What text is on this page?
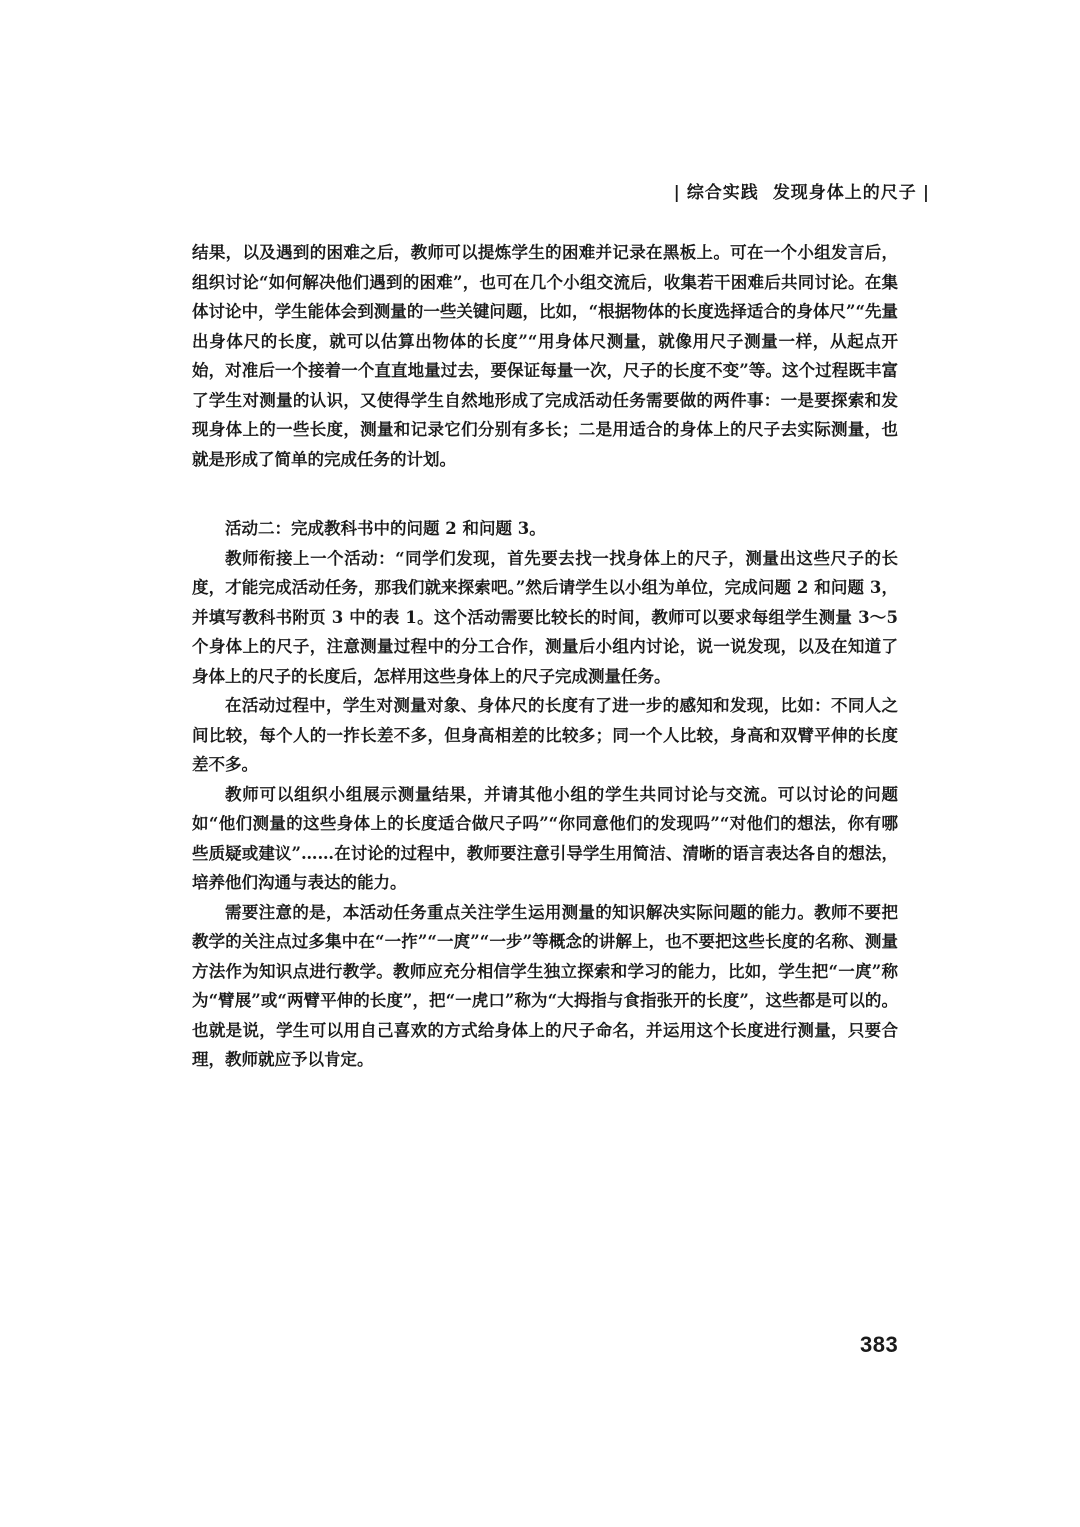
| 综合实践 发现身体上的尺子 |

结果，以及遇到的困难之后，教师可以提炼学生的困难并记录在黑板上。可在一个小组发言后，组织讨论“如何解决他们遇到的困难”，也可在几个小组交流后，收集若干困难后共同讨论。在集体讨论中，学生能体会到测量的一些关键问题，比如，“根据物体的长度选择适合的身体尺”“先量出身体尺的长度，就可以估算出物体的长度”“用身体尺测量，就像用尺子测量一样，从起点开始，对准后一个接着一个直直地量过去，要保证每量一次，尺子的长度不变”等。这个过程既丰富了学生对测量的认识，又使得学生自然地形成了完成活动任务需要做的两件事：一是要探索和发现身体上的一些长度，测量和记录它们分别有多长；二是用适合的身体上的尺子去实际测量，也就是形成了简单的完成任务的计划。

活动二：完成教科书中的问题 2 和问题 3。

教师衔接上一个活动：“同学们发现，首先要去找一找身体上的尺子，测量出这些尺子的长度，才能完成活动任务，那我们就来探索吧。”然后请学生以小组为单位，完成问题 2 和问题 3，并填写教科书附页 3 中的表 1。这个活动需要比较长的时间，教师可以要求每组学生测量 3～5 个身体上的尺子，注意测量过程中的分工合作，测量后小组内讨论，说一说发现，以及在知道了身体上的尺子的长度后，怎样用这些身体上的尺子完成测量任务。

在活动过程中，学生对测量对象、身体尺的长度有了进一步的感知和发现，比如：不同人之间比较，每个人的一拃长差不多，但身高相差的比较多；同一个人比较，身高和双臂平伸的长度差不多。

教师可以组织小组展示测量结果，并请其他小组的学生共同讨论与交流。可以讨论的问题如“他们测量的这些身体上的长度适合做尺子吗”“你同意他们的发现吗”“对他们的想法，你有哪些质疑或建议”……在讨论的过程中，教师要注意引导学生用简洁、清晰的语言表达各自的想法，培养他们沟通与表达的能力。

需要注意的是，本活动任务重点关注学生运用测量的知识解决实际问题的能力。教师不要把教学的关注点过多集中在“一拃”“一庹”“一步”等概念的讲解上，也不要把这些长度的名称、测量方法作为知识点进行教学。教师应充分相信学生独立探索和学习的能力，比如，学生把“一庹”称为“臂展”或“两臂平伸的长度”，把“一虎口”称为“大拇指与食指张开的长度”，这些都是可以的。也就是说，学生可以用自己喜欢的方式给身体上的尺子命名，并运用这个长度进行测量，只要合理，教师就应予以肯定。

383
